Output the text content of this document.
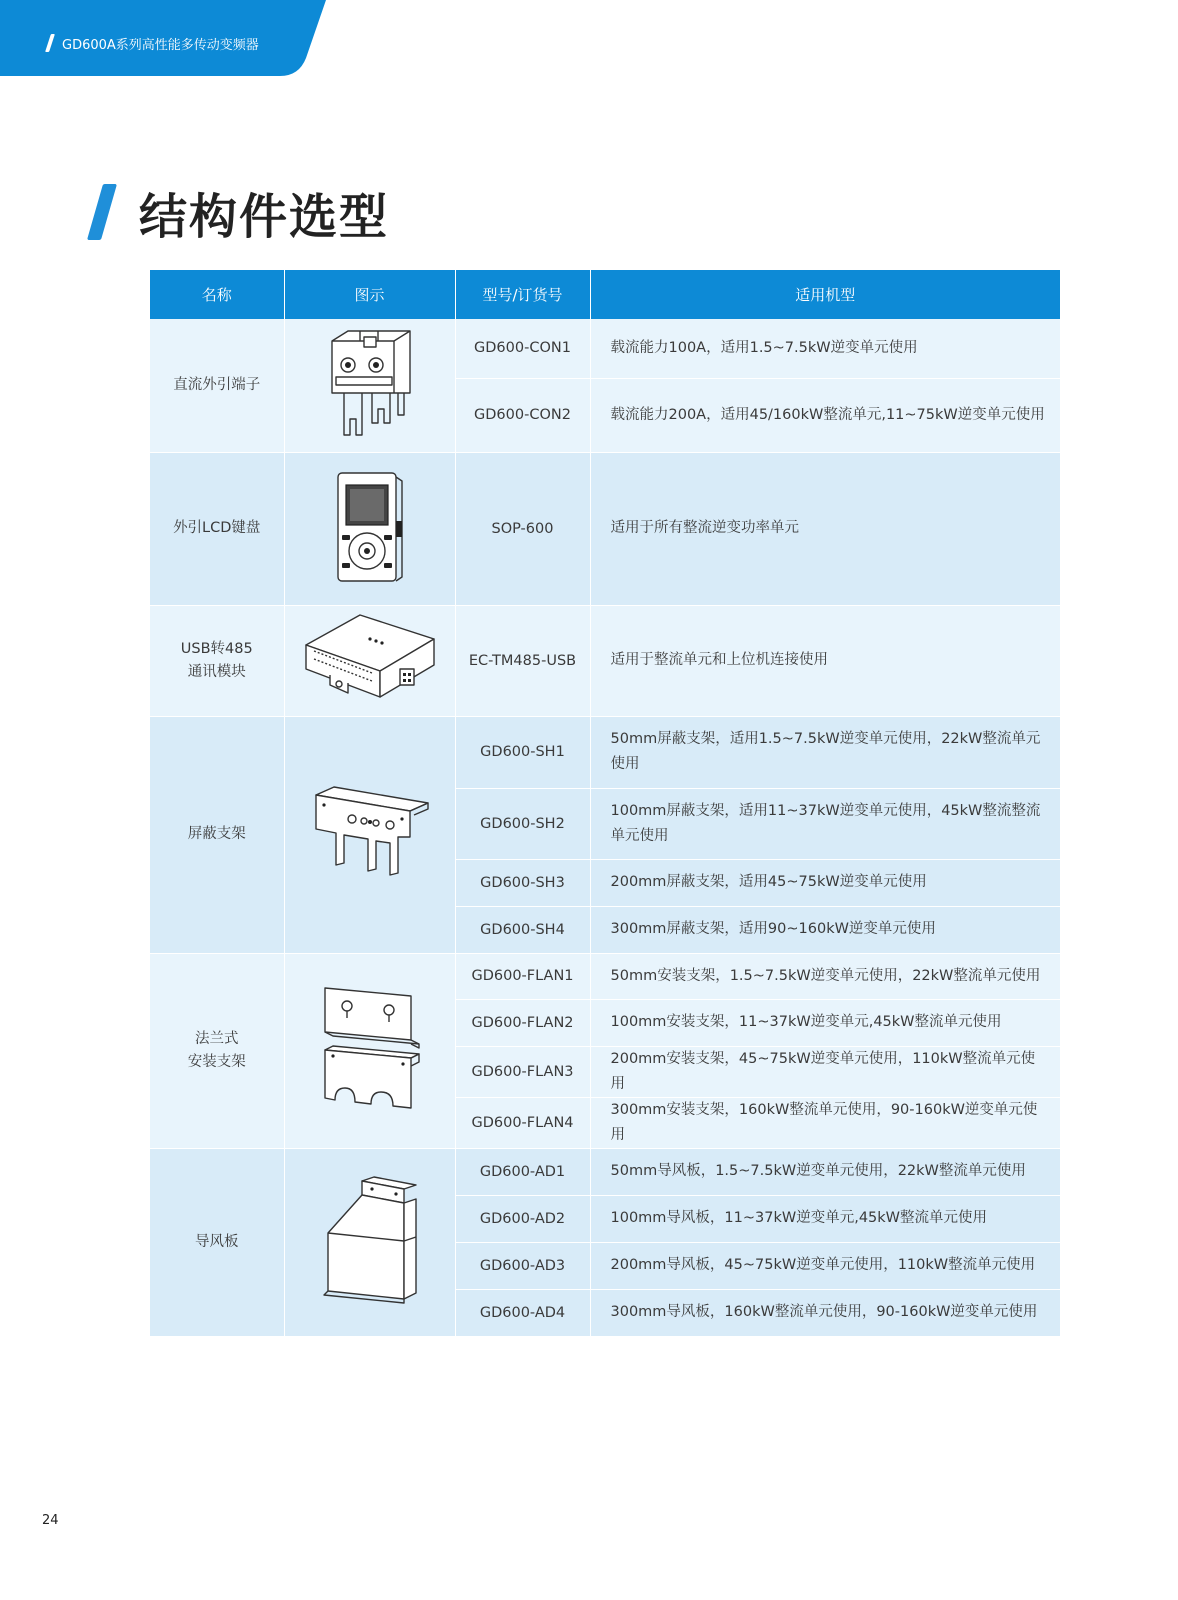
GD600A系列高性能多传动变频器
结构件选型
名称	图示	型号/订货号	适用机型
直流外引端子		GD600-CON1	载流能力100A，适用1.5~7.5kW逆变单元使用
		GD600-CON2	载流能力200A，适用45/160kW整流单元,11~75kW逆变单元使用
外引LCD键盘		SOP-600	适用于所有整流逆变功率单元

USB转485
通讯模块		EC-TM485-USB	适用于整流单元和上位机连接使用
屏蔽支架		GD600-SH1	50mm屏蔽支架，适用1.5~7.5kW逆变单元使用，22kW整流单元使用
		GD600-SH2	100mm屏蔽支架，适用11~37kW逆变单元使用，45kW整流整流单元使用
		GD600-SH3	200mm屏蔽支架，适用45~75kW逆变单元使用
		GD600-SH4	300mm屏蔽支架，适用90~160kW逆变单元使用

法兰式
安装支架		GD600-FLAN1	50mm安装支架，1.5~7.5kW逆变单元使用，22kW整流单元使用
		GD600-FLAN2	100mm安装支架，11~37kW逆变单元,45kW整流单元使用
		GD600-FLAN3	200mm安装支架，45~75kW逆变单元使用，110kW整流单元使用
		GD600-FLAN4	300mm安装支架，160kW整流单元使用，90-160kW逆变单元使用
导风板		GD600-AD1	50mm导风板，1.5~7.5kW逆变单元使用，22kW整流单元使用
		GD600-AD2	100mm导风板，11~37kW逆变单元,45kW整流单元使用
		GD600-AD3	200mm导风板，45~75kW逆变单元使用，110kW整流单元使用
		GD600-AD4	300mm导风板，160kW整流单元使用，90-160kW逆变单元使用
24
